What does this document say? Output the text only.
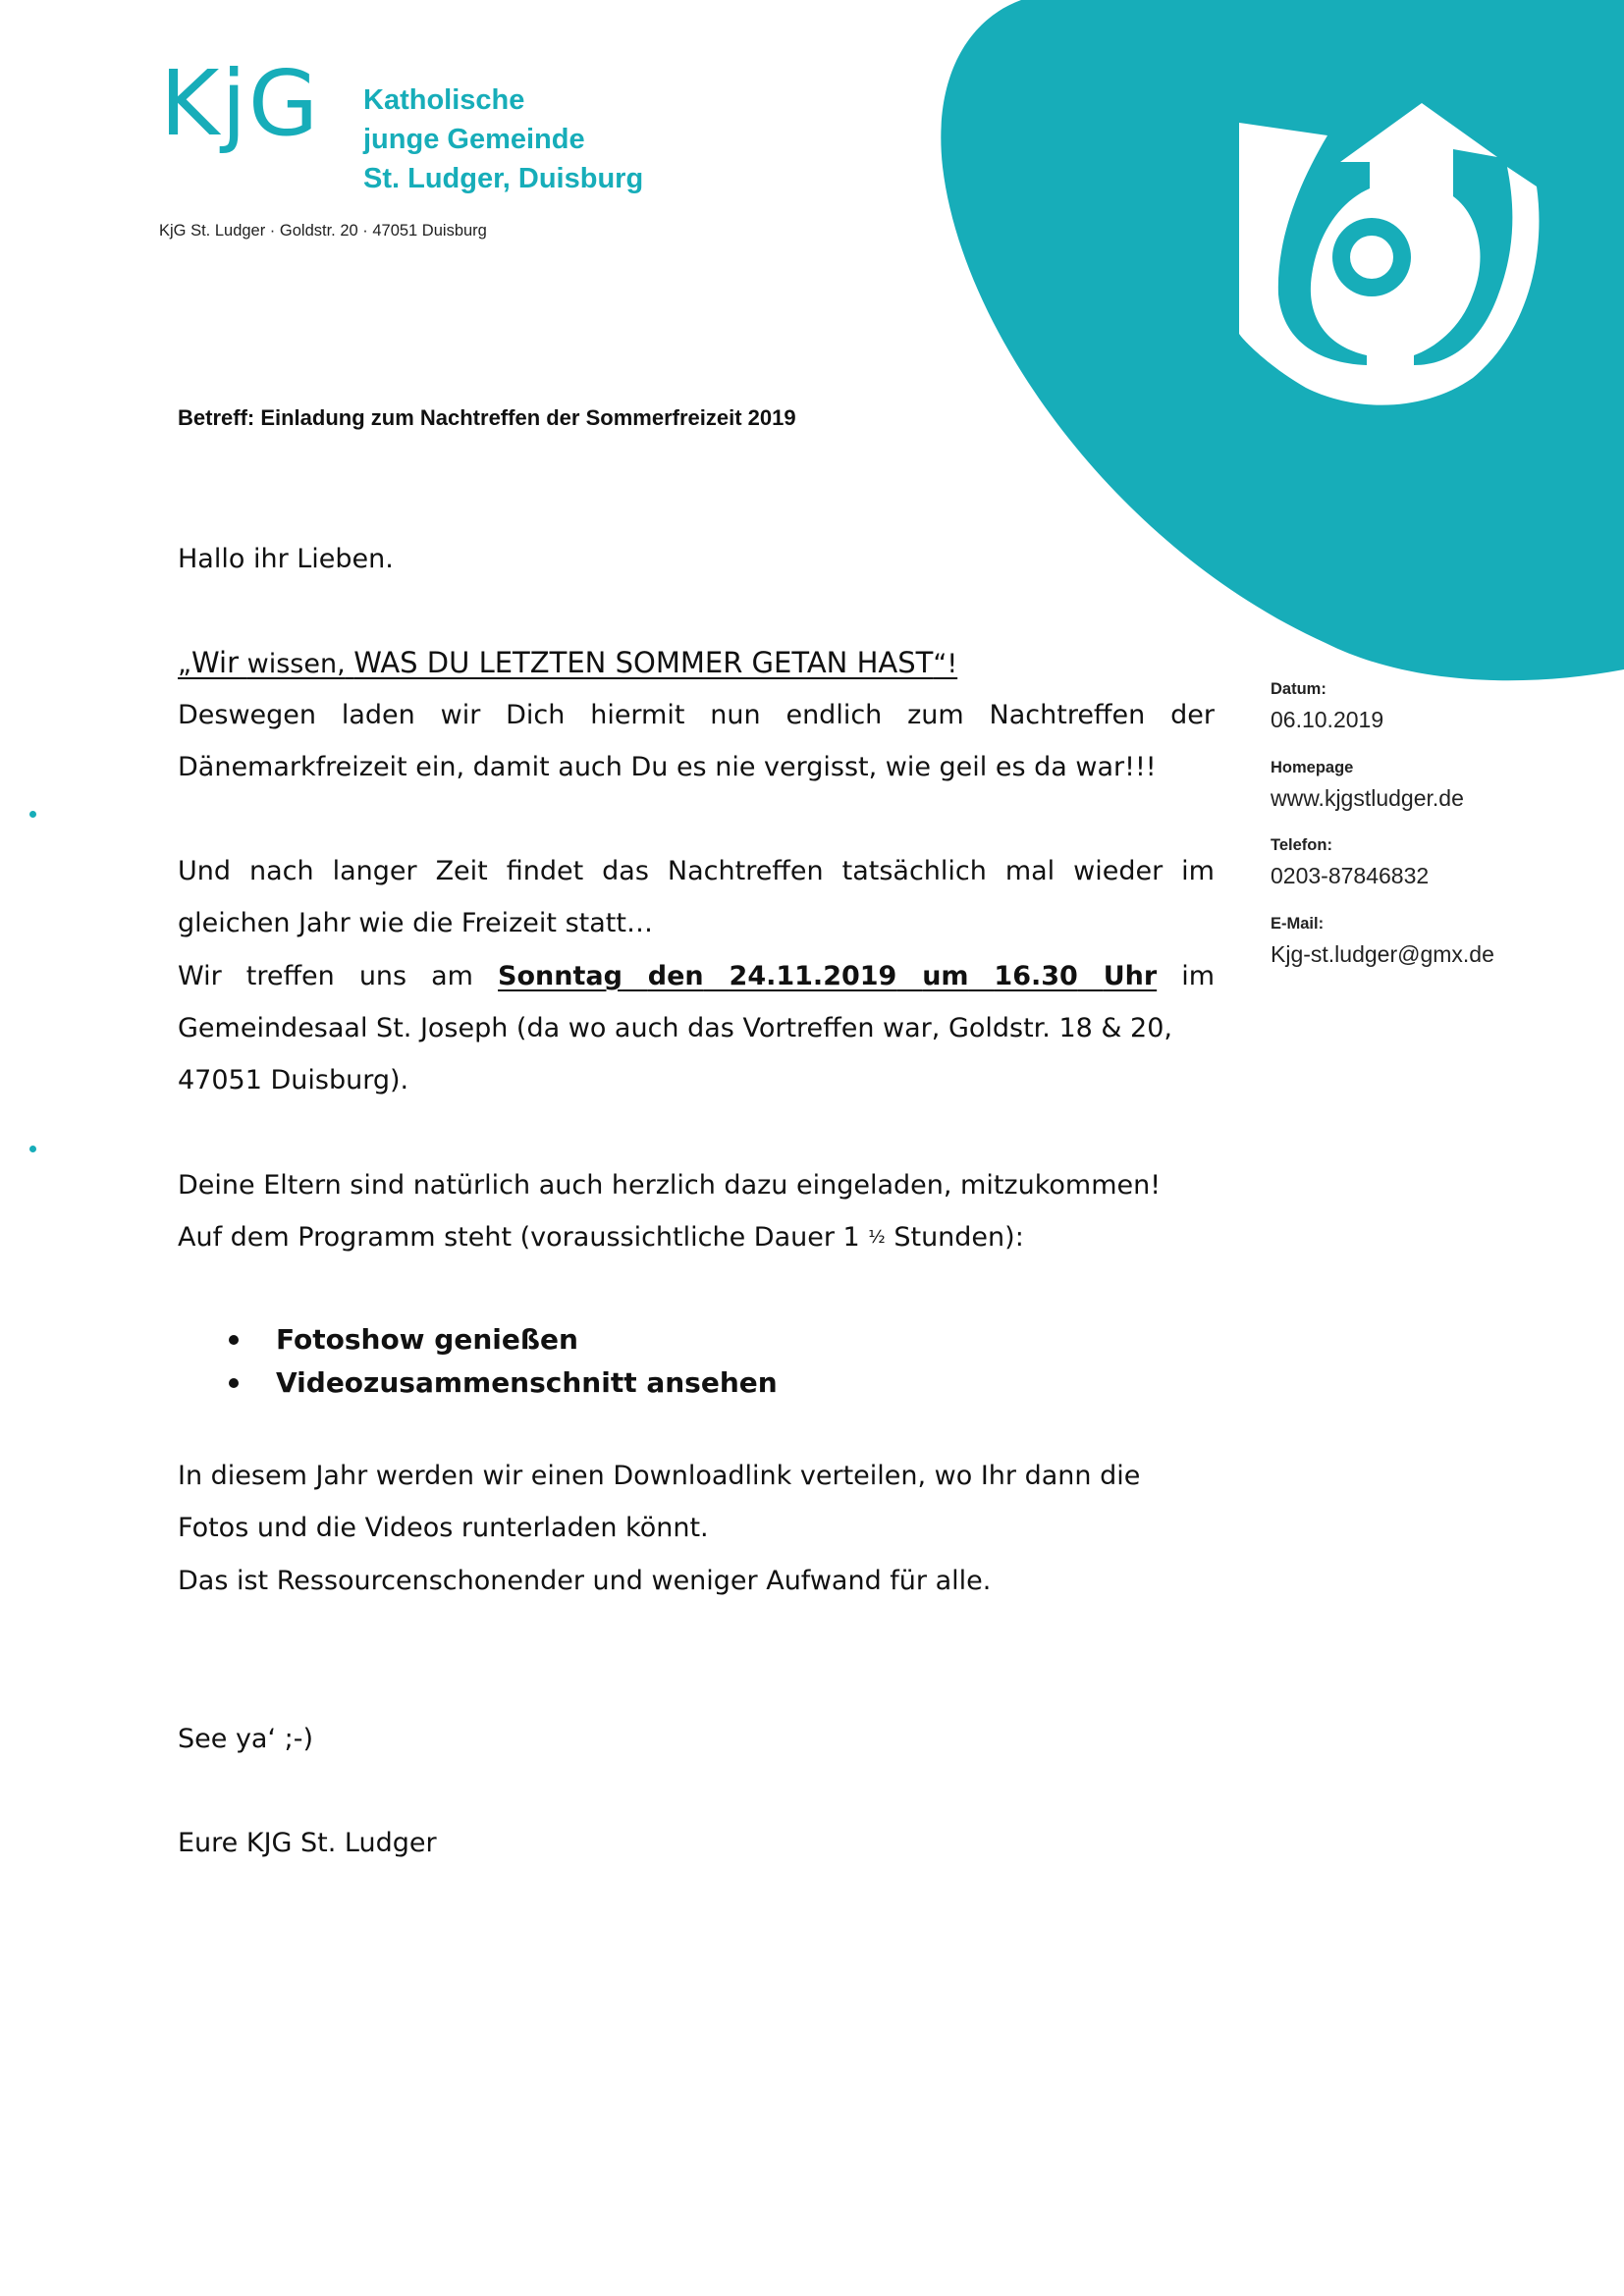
KjG Katholische
junge Gemeinde
St. Ludger, Duisburg
KjG St. Ludger · Goldstr. 20 · 47051 Duisburg
Betreff: Einladung zum Nachtreffen der Sommerfreizeit 2019
Datum:
06.10.2019
Homepage
www.kjgstludger.de
Telefon:
0203-87846832
E-Mail:
Kjg-st.ludger@gmx.de
Hallo ihr Lieben.
„Wir wissen, WAS DU LETZTEN SOMMER GETAN HAST“!
Deswegen laden wir Dich hiermit nun endlich zum Nachtreffen der
Dänemarkfreizeit ein, damit auch Du es nie vergisst, wie geil es da war!!!
Und nach langer Zeit findet das Nachtreffen tatsächlich mal wieder im
gleichen Jahr wie die Freizeit statt…
Wir treffen uns am Sonntag den 24.11.2019 um 16.30 Uhr im
Gemeindesaal St. Joseph (da wo auch das Vortreffen war, Goldstr. 18 & 20,
47051 Duisburg).
Deine Eltern sind natürlich auch herzlich dazu eingeladen, mitzukommen!
Auf dem Programm steht (voraussichtliche Dauer 1 ½ Stunden):
Fotoshow genießen
Videozusammenschnitt ansehen
In diesem Jahr werden wir einen Downloadlink verteilen, wo Ihr dann die
Fotos und die Videos runterladen könnt.
Das ist Ressourcenschonender und weniger Aufwand für alle.
See ya‘ ;-)
Eure KJG St. Ludger
